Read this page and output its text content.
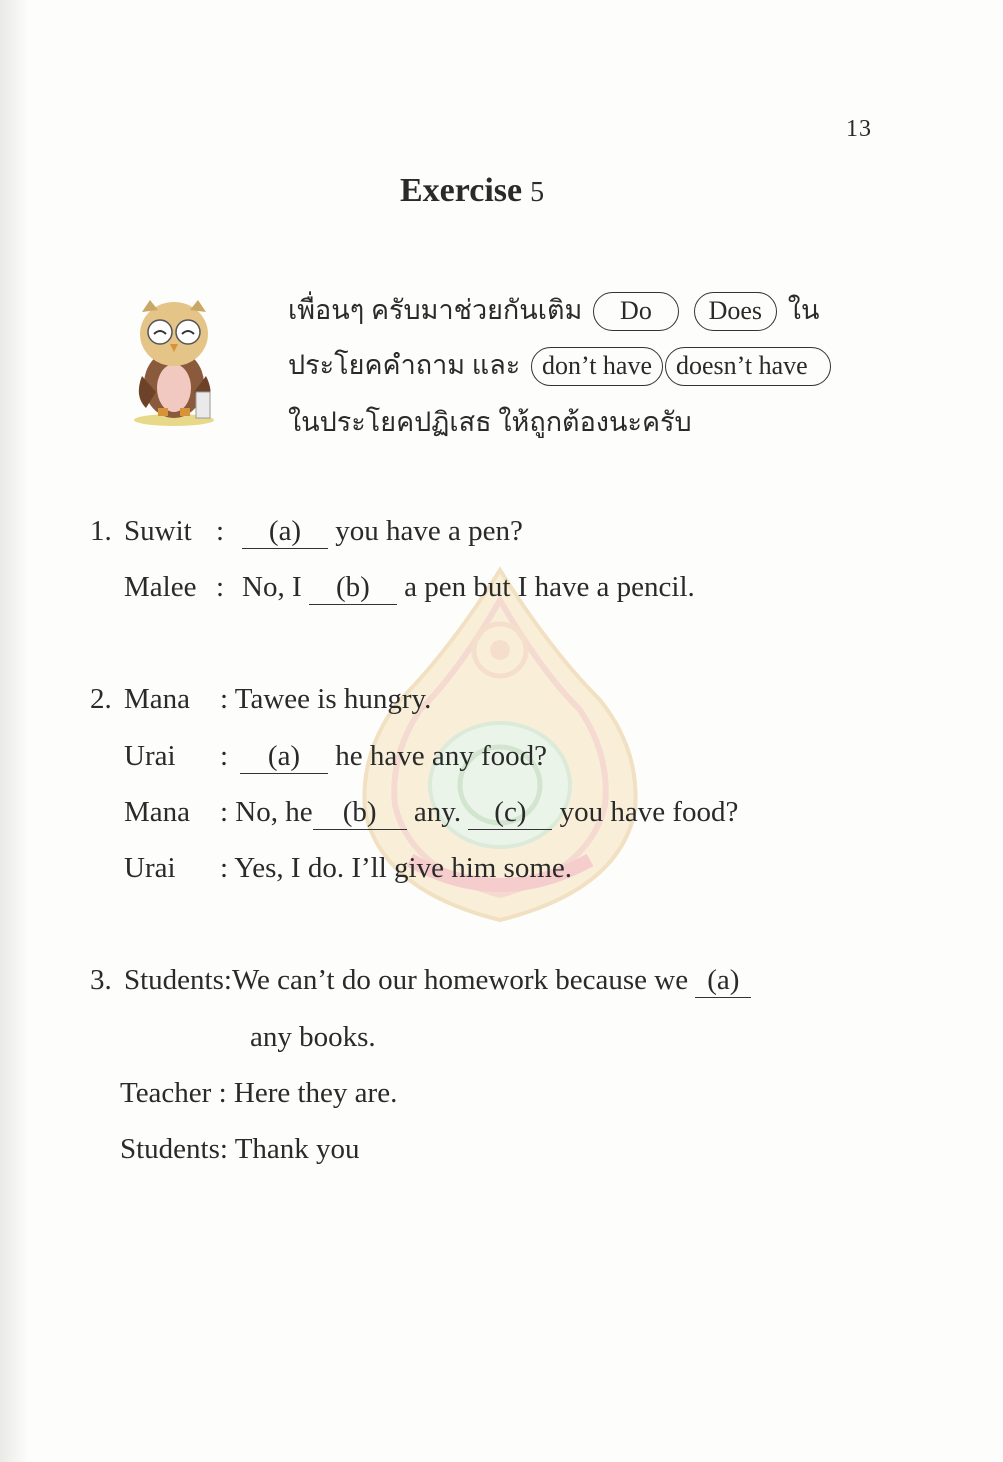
13
Exercise 5
เพื่อนๆ ครับมาช่วยกันเติม Do Does ใน
ประโยคคำถาม และ don’t have doesn’t have
ในประโยคปฏิเสธ ให้ถูกต้องนะครับ
1. Suwit : (a) you have a pen?
Malee : No, I (b) a pen but I have a pencil.
2. Mana : Tawee is hungry.
Urai : (a) he have any food?
Mana : No, he (b) any. (c) you have food?
Urai : Yes, I do. I’ll give him some.
3. Students:We can’t do our homework because we (a)
any books.
Teacher : Here they are.
Students: Thank you
